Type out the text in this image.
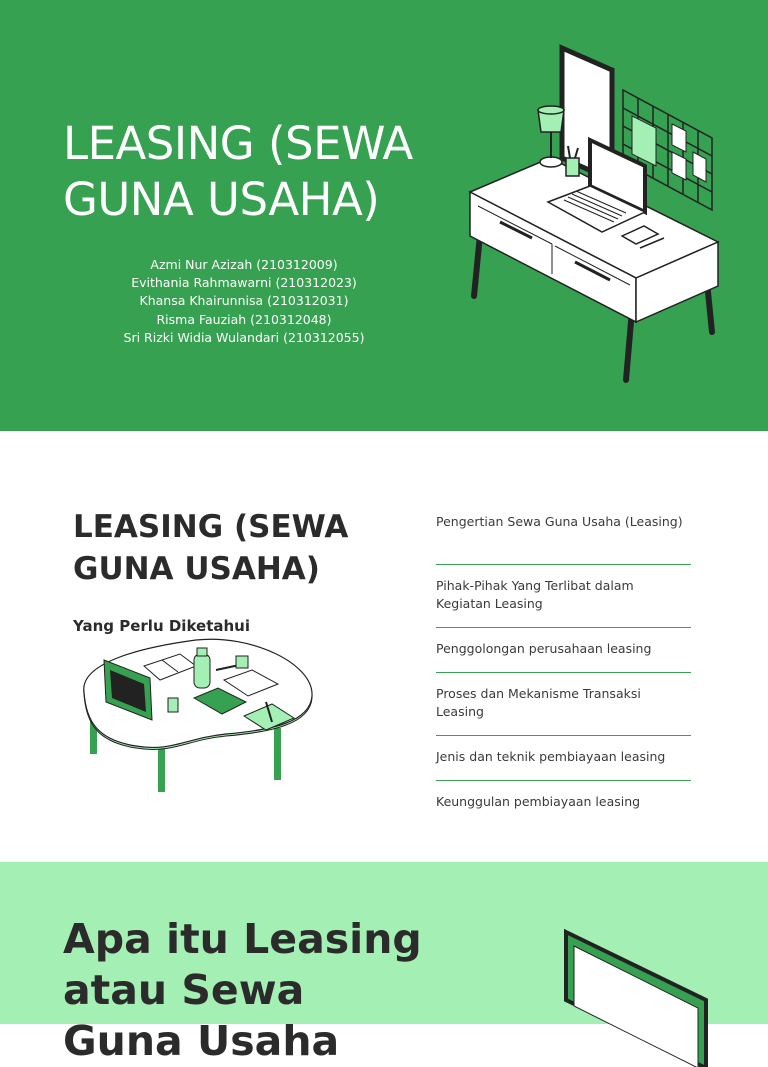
LEASING (SEWA GUNA USAHA)
Azmi Nur Azizah (210312009)
Evithania Rahmawarni (210312023)
Khansa Khairunnisa (210312031)
Risma Fauziah (210312048)
Sri Rizki Widia Wulandari (210312055)
LEASING (SEWA GUNA USAHA)
Yang Perlu Diketahui
Pengertian Sewa Guna Usaha (Leasing)
Pihak-Pihak Yang Terlibat dalam Kegiatan Leasing
Penggolongan perusahaan leasing
Proses dan Mekanisme Transaksi Leasing
Jenis dan teknik pembiayaan leasing
Keunggulan pembiayaan leasing
Apa itu Leasing atau Sewa Guna Usaha
